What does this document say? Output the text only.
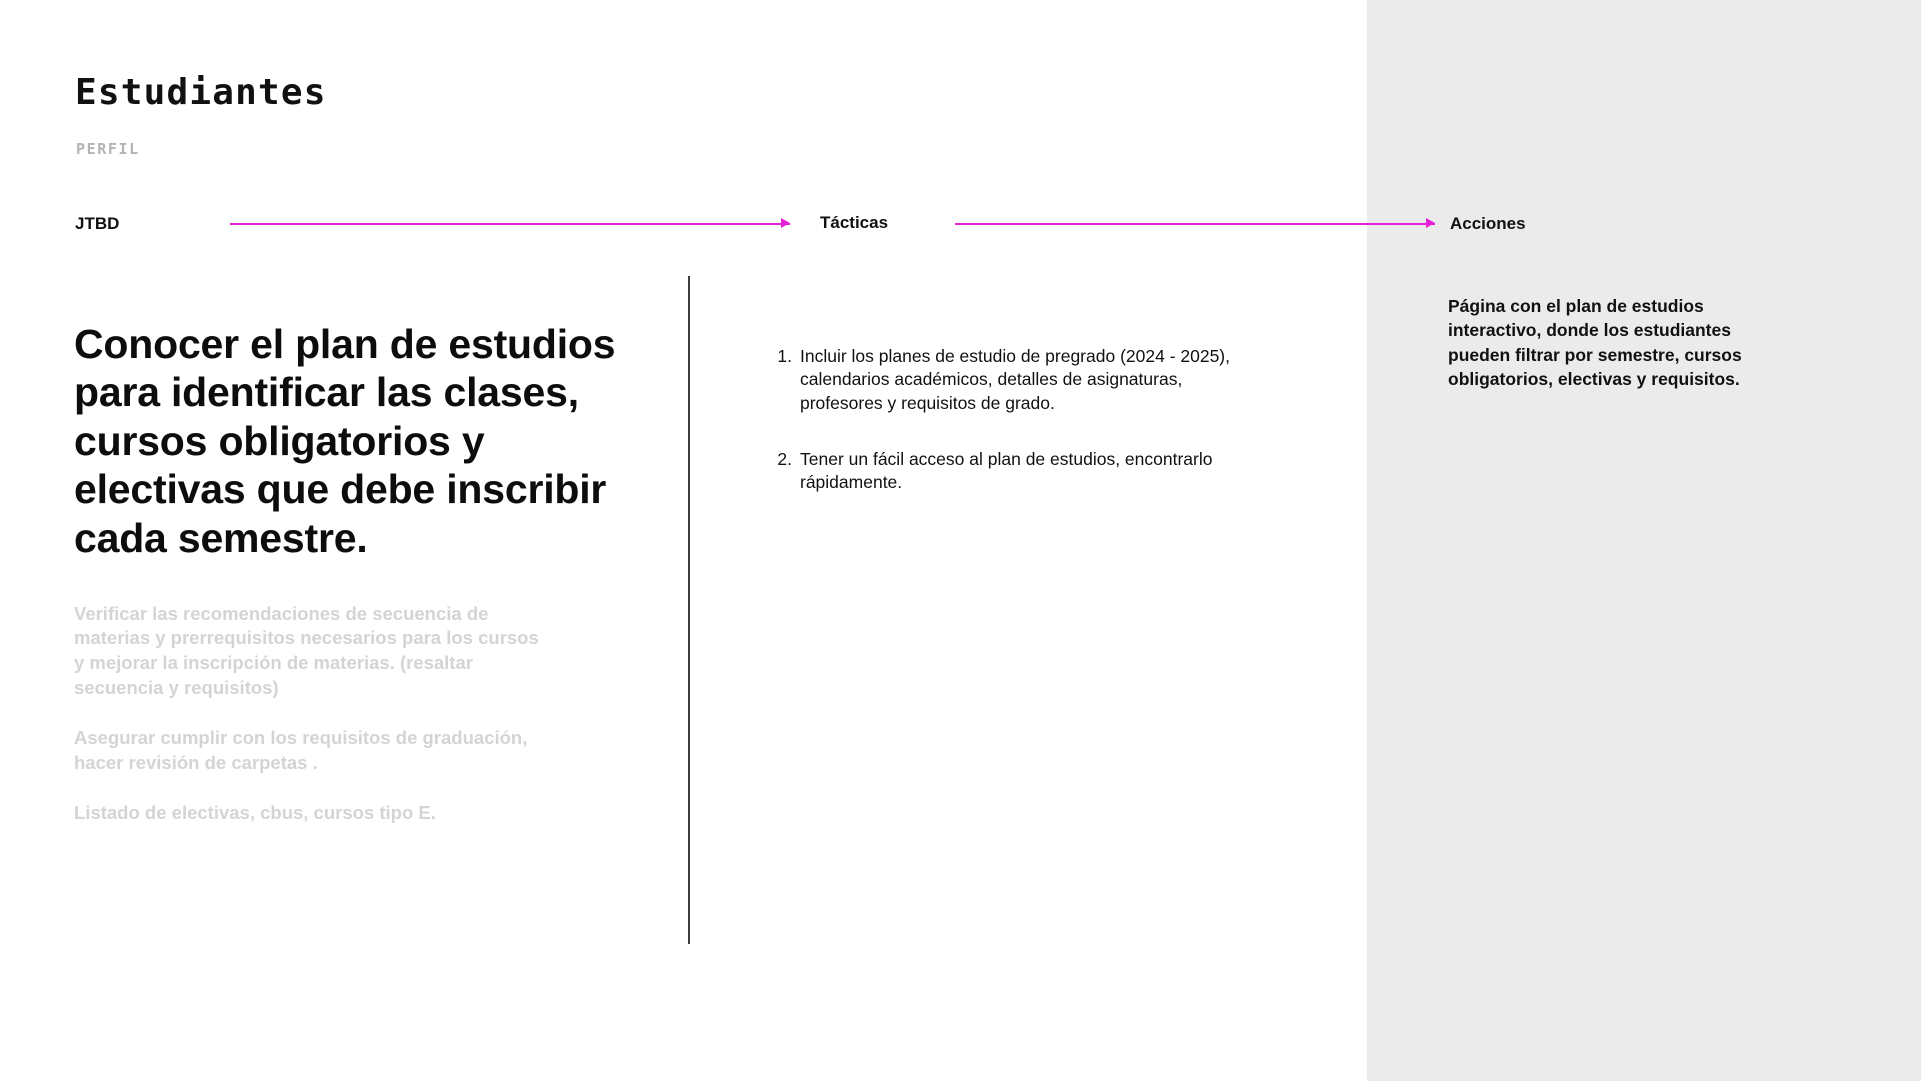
Estudiantes
PERFIL
JTBD	Tácticas	Acciones
Conocer el plan de estudios para identificar las clases, cursos obligatorios y electivas que debe inscribir cada semestre.
Verificar las recomendaciones de secuencia de materias y prerrequisitos necesarios para los cursos y mejorar la inscripción de materias. (resaltar secuencia y requisitos)
Asegurar cumplir con los requisitos de graduación, hacer revisión de carpetas .
Listado de electivas, cbus, cursos tipo E.
1. Incluir los planes de estudio de pregrado (2024 - 2025), calendarios académicos, detalles de asignaturas, profesores y requisitos de grado.
2. Tener un fácil acceso al plan de estudios, encontrarlo rápidamente.
Página con el plan de estudios interactivo, donde los estudiantes pueden filtrar por semestre, cursos obligatorios, electivas y requisitos.
